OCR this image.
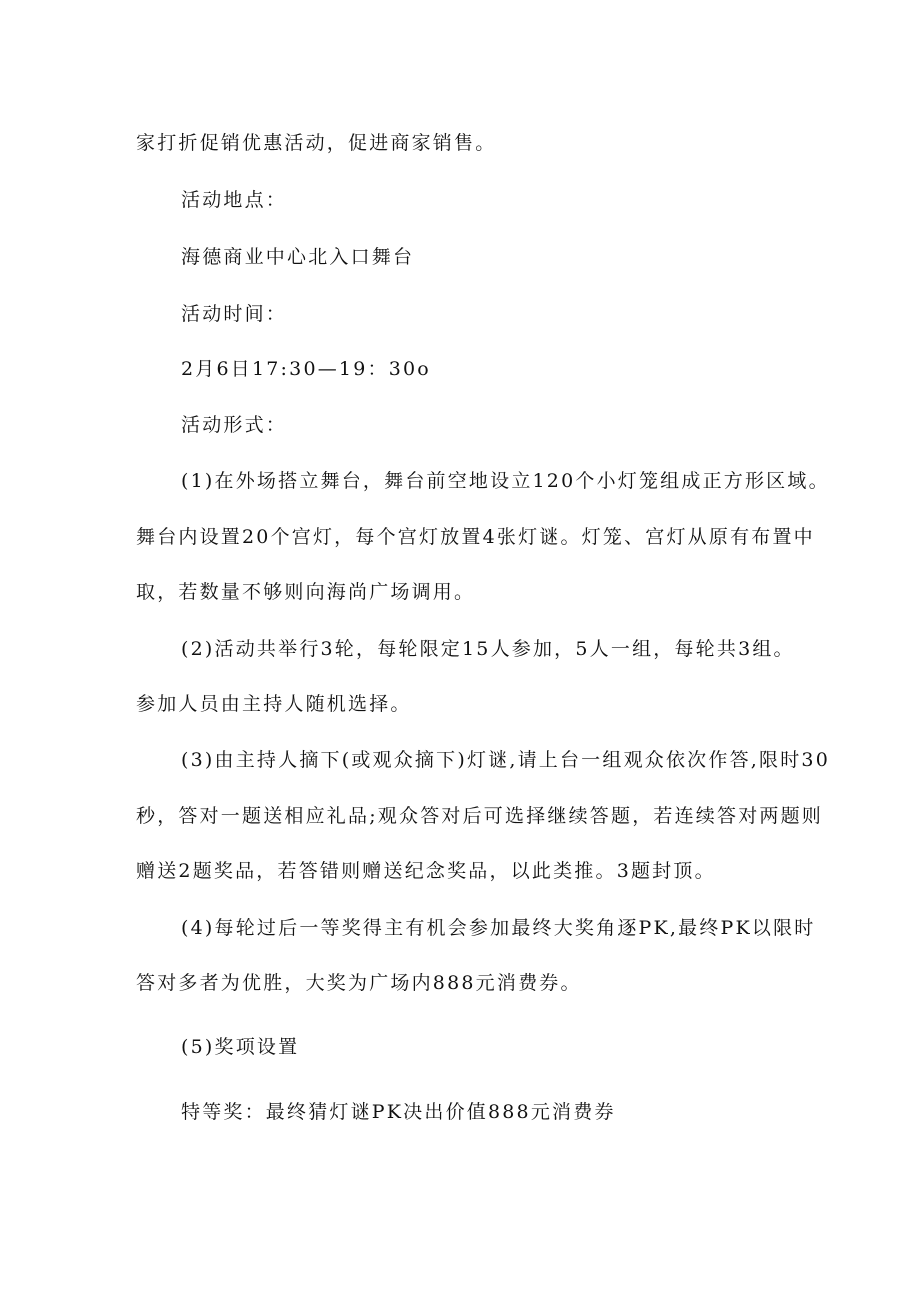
家打折促销优惠活动，促进商家销售。
活动地点：
海德商业中心北入口舞台
活动时间：
2月6日17:30—19：30o
活动形式：
(1)在外场搭立舞台，舞台前空地设立120个小灯笼组成正方形区域。
舞台内设置20个宫灯，每个宫灯放置4张灯谜。灯笼、宫灯从原有布置中
取，若数量不够则向海尚广场调用。
(2)活动共举行3轮，每轮限定15人参加，5人一组，每轮共3组。
参加人员由主持人随机选择。
(3)由主持人摘下(或观众摘下)灯谜,请上台一组观众依次作答,限时30
秒，答对一题送相应礼品;观众答对后可选择继续答题，若连续答对两题则
赠送2题奖品，若答错则赠送纪念奖品，以此类推。3题封顶。
(4)每轮过后一等奖得主有机会参加最终大奖角逐PK,最终PK以限时
答对多者为优胜，大奖为广场内888元消费券。
(5)奖项设置
特等奖：最终猜灯谜PK决出价值888元消费券
